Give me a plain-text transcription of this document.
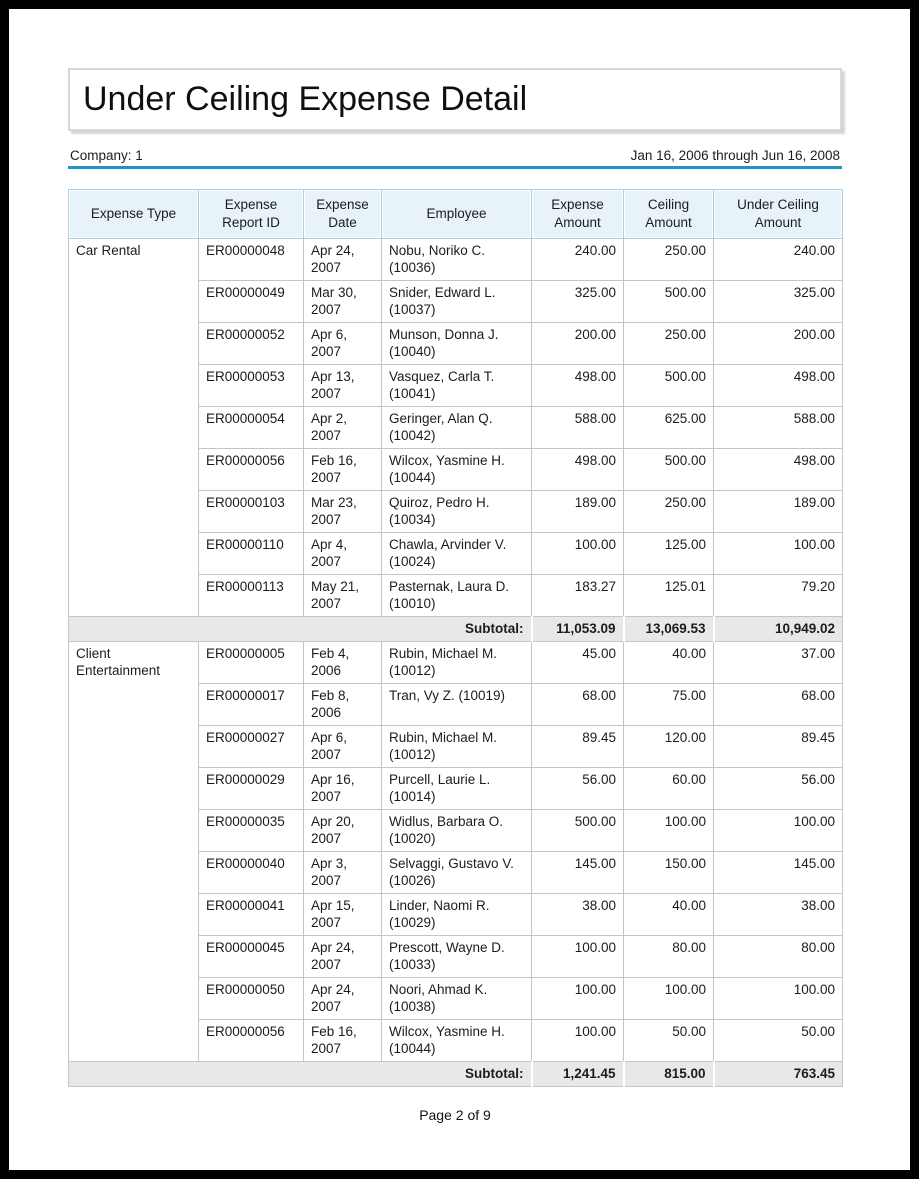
Under Ceiling Expense Detail
Company: 1	Jan 16, 2006 through Jun 16, 2008
Expense Type	Expense Report ID	Expense Date	Employee	Expense Amount	Ceiling Amount	Under Ceiling Amount
Car Rental	ER00000048	Apr 24, 2007	Nobu, Noriko C. (10036)	240.00	250.00	240.00
	ER00000049	Mar 30, 2007	Snider, Edward L. (10037)	325.00	500.00	325.00
	ER00000052	Apr 6, 2007	Munson, Donna J. (10040)	200.00	250.00	200.00
	ER00000053	Apr 13, 2007	Vasquez, Carla T. (10041)	498.00	500.00	498.00
	ER00000054	Apr 2, 2007	Geringer, Alan Q. (10042)	588.00	625.00	588.00
	ER00000056	Feb 16, 2007	Wilcox, Yasmine H. (10044)	498.00	500.00	498.00
	ER00000103	Mar 23, 2007	Quiroz, Pedro H. (10034)	189.00	250.00	189.00
	ER00000110	Apr 4, 2007	Chawla, Arvinder V. (10024)	100.00	125.00	100.00
	ER00000113	May 21, 2007	Pasternak, Laura D. (10010)	183.27	125.01	79.20
Subtotal:				11,053.09	13,069.53	10,949.02
Client Entertainment	ER00000005	Feb 4, 2006	Rubin, Michael M. (10012)	45.00	40.00	37.00
	ER00000017	Feb 8, 2006	Tran, Vy Z. (10019)	68.00	75.00	68.00
	ER00000027	Apr 6, 2007	Rubin, Michael M. (10012)	89.45	120.00	89.45
	ER00000029	Apr 16, 2007	Purcell, Laurie L. (10014)	56.00	60.00	56.00
	ER00000035	Apr 20, 2007	Widlus, Barbara O. (10020)	500.00	100.00	100.00
	ER00000040	Apr 3, 2007	Selvaggi, Gustavo V. (10026)	145.00	150.00	145.00
	ER00000041	Apr 15, 2007	Linder, Naomi R. (10029)	38.00	40.00	38.00
	ER00000045	Apr 24, 2007	Prescott, Wayne D. (10033)	100.00	80.00	80.00
	ER00000050	Apr 24, 2007	Noori, Ahmad K. (10038)	100.00	100.00	100.00
	ER00000056	Feb 16, 2007	Wilcox, Yasmine H. (10044)	100.00	50.00	50.00
Subtotal:				1,241.45	815.00	763.45
Page 2 of 9
